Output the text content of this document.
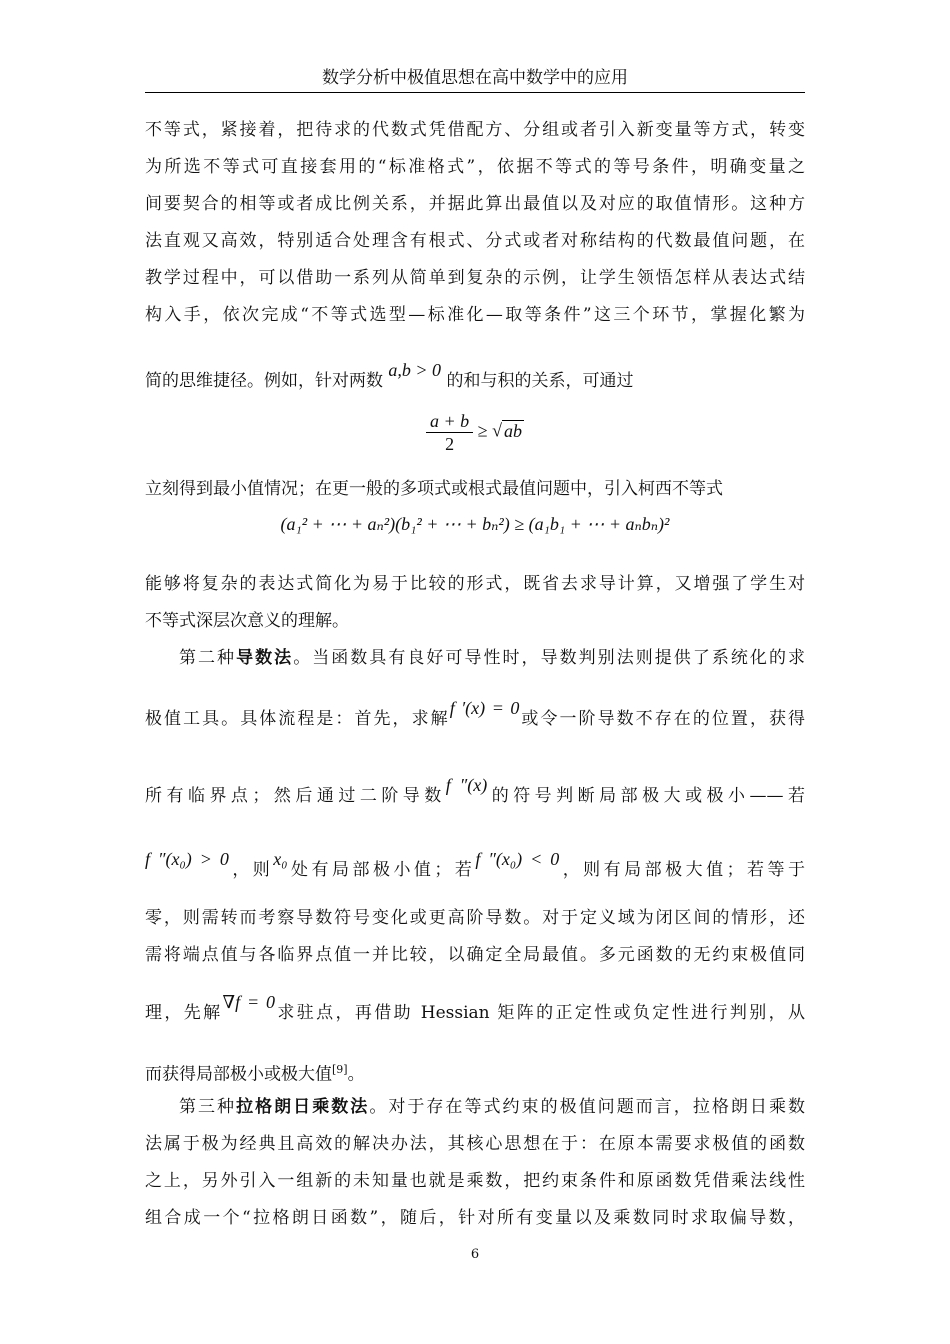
数学分析中极值思想在高中数学中的应用
不等式，紧接着，把待求的代数式凭借配方、分组或者引入新变量等方式，转变
为所选不等式可直接套用的“标准格式”，依据不等式的等号条件，明确变量之
间要契合的相等或者成比例关系，并据此算出最值以及对应的取值情形。这种方
法直观又高效，特别适合处理含有根式、分式或者对称结构的代数最值问题，在
教学过程中，可以借助一系列从简单到复杂的示例，让学生领悟怎样从表达式结
构入手，依次完成“不等式选型—标准化—取等条件”这三个环节，掌握化繁为
简的思维捷径。例如，针对两数 a,b > 0 的和与积的关系，可通过
$\frac{a + b}{2}$ ≥ √ ab
立刻得到最小值情况；在更一般的多项式或根式最值问题中，引入柯西不等式
(a₁² + ⋯ + aₙ²)(b₁² + ⋯ + bₙ²) ≥ (a₁b₁ + ⋯ + aₙbₙ)²
能够将复杂的表达式简化为易于比较的形式，既省去求导计算，又增强了学生对
不等式深层次意义的理解。
第二种导数法。当函数具有良好可导性时，导数判别法则提供了系统化的求
极值工具。具体流程是：首先，求解f ′(x) = 0或令一阶导数不存在的位置，获得
所有临界点；然后通过二阶导数f ″(x)的符号判断局部极大或极小——若
f ″(x₀) > 0，则x₀处有局部极小值；若f ″(x₀) < 0，则有局部极大值；若等于
零，则需转而考察导数符号变化或更高阶导数。对于定义域为闭区间的情形，还
需将端点值与各临界点值一并比较，以确定全局最值。多元函数的无约束极值同
理，先解∇f = 0求驻点，再借助 Hessian 矩阵的正定性或负定性进行判别，从
而获得局部极小或极大值[9]。
第三种拉格朗日乘数法。对于存在等式约束的极值问题而言，拉格朗日乘数
法属于极为经典且高效的解决办法，其核心思想在于：在原本需要求极值的函数
之上，另外引入一组新的未知量也就是乘数，把约束条件和原函数凭借乘法线性
组合成一个“拉格朗日函数”，随后，针对所有变量以及乘数同时求取偏导数，
6
